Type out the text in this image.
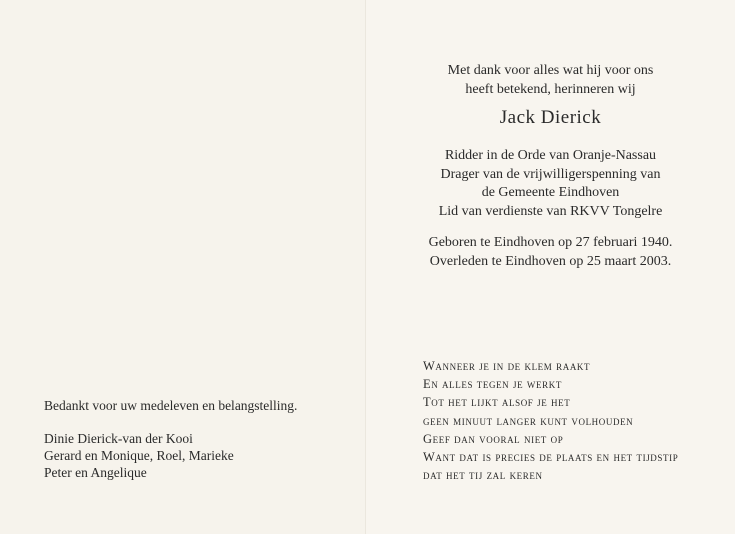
Bedankt voor uw medeleven en belangstelling.
Dinie Dierick-van der Kooi
Gerard en Monique, Roel, Marieke
Peter en Angelique
Met dank voor alles wat hij voor ons
heeft betekend, herinneren wij
Jack Dierick
Ridder in de Orde van Oranje-Nassau
Drager van de vrijwilligerspenning van
de Gemeente Eindhoven
Lid van verdienste van RKVV Tongelre
Geboren te Eindhoven op 27 februari 1940.
Overleden te Eindhoven op 25 maart 2003.
Wanneer je in de klem raakt
En alles tegen je werkt
Tot het lijkt alsof je het
geen minuut langer kunt volhouden
Geef dan vooral niet op
Want dat is precies de plaats en het tijdstip
dat het tij zal keren
